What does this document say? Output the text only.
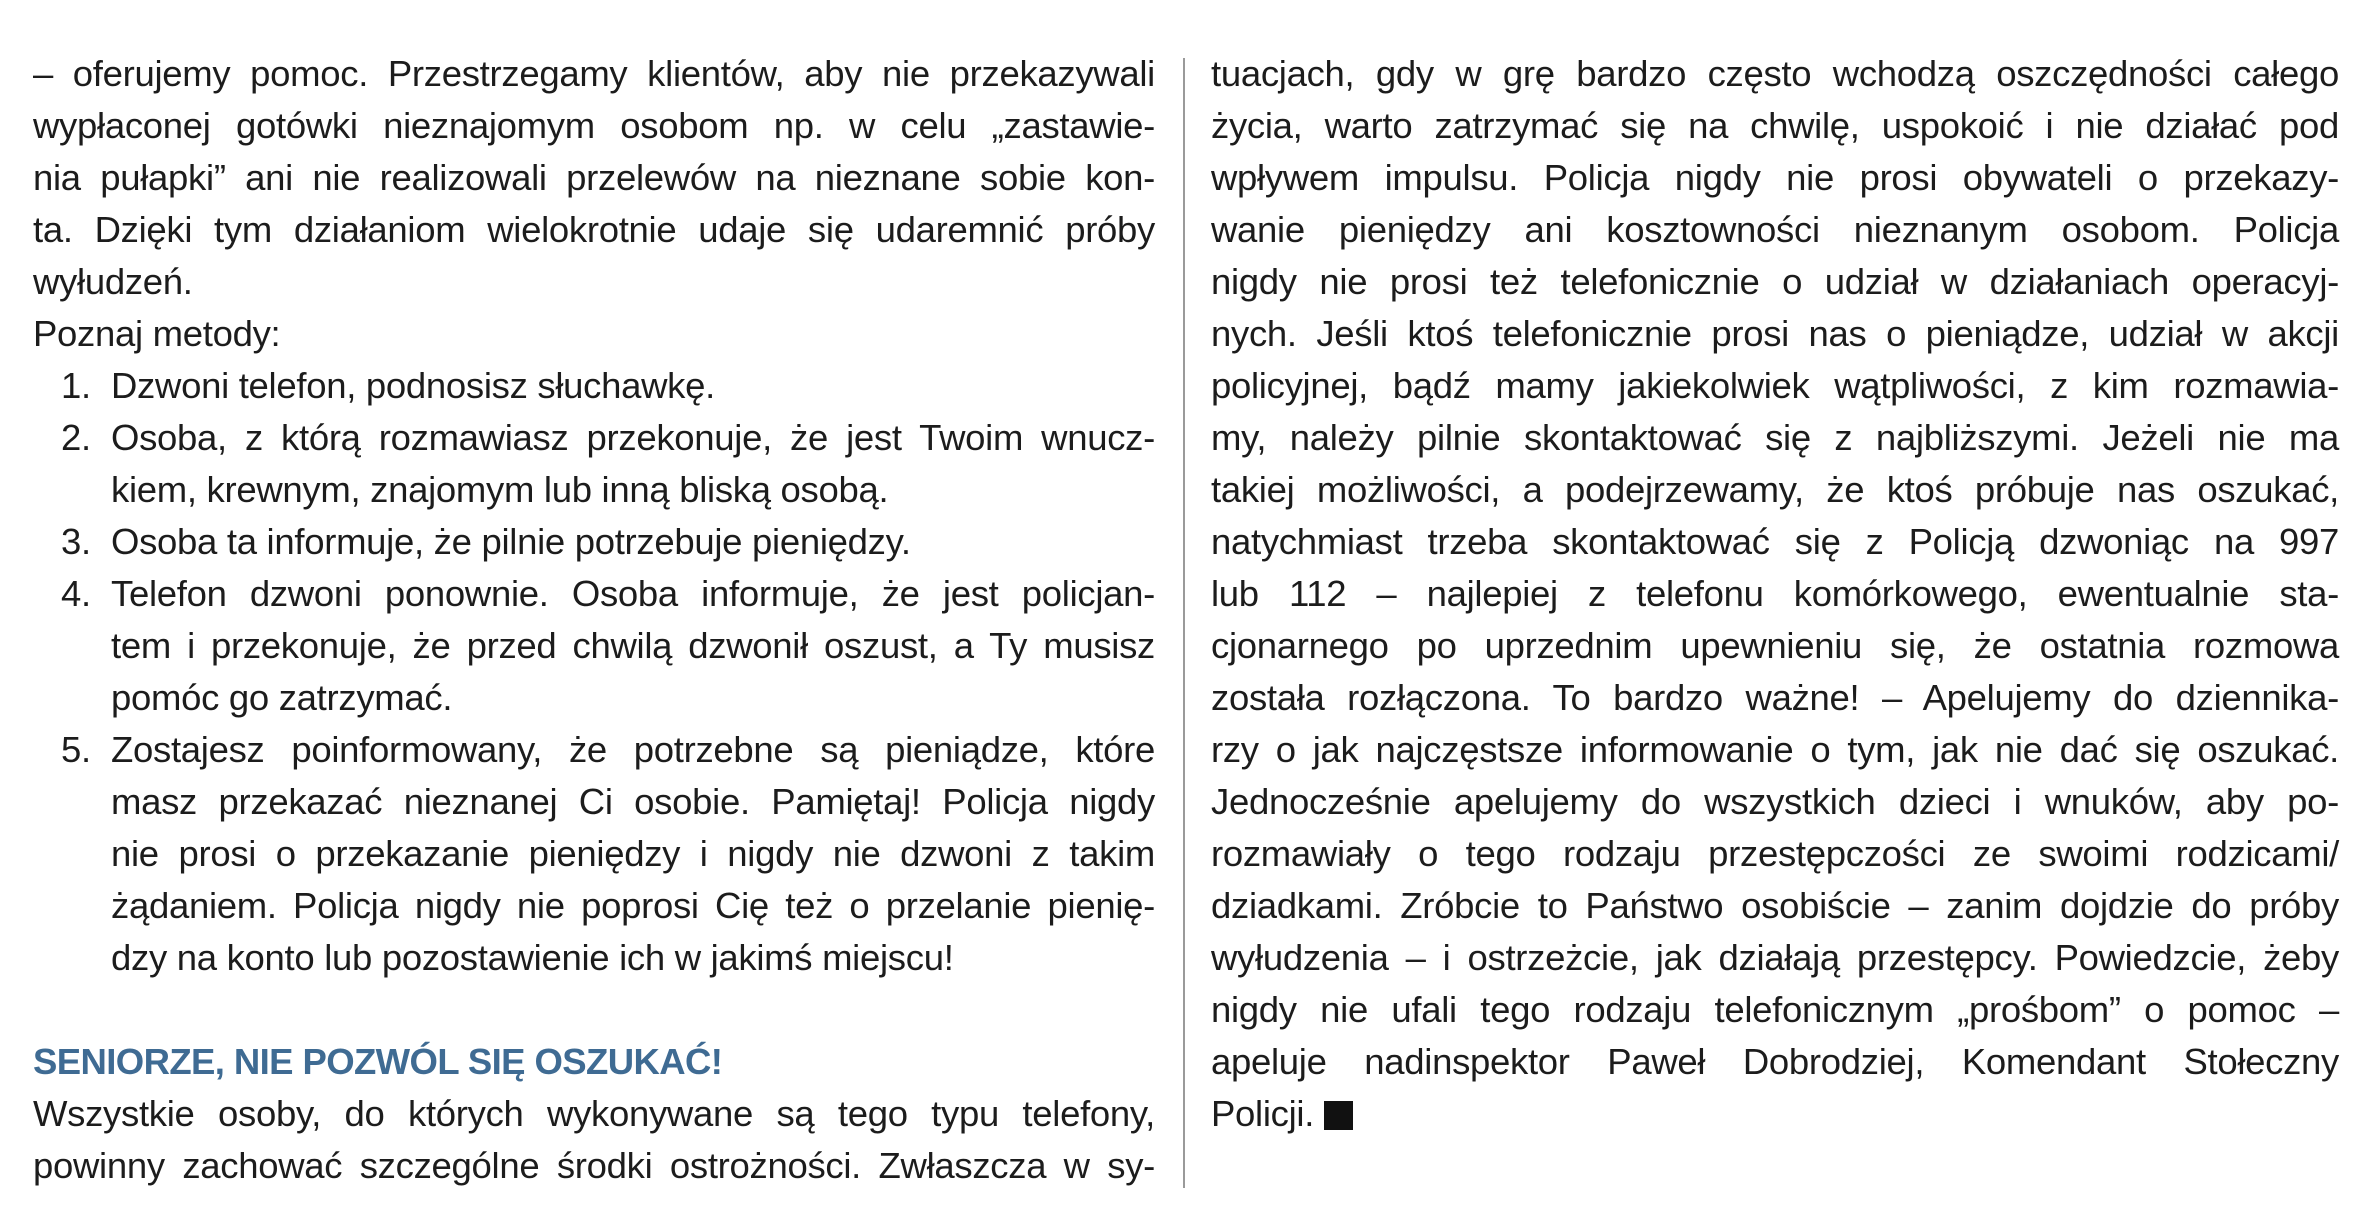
– oferujemy pomoc. Przestrzegamy klientów, aby nie przekazywali
wypłaconej gotówki nieznajomym osobom np. w celu „zastawie-
nia pułapki” ani nie realizowali przelewów na nieznane sobie kon-
ta. Dzięki tym działaniom wielokrotnie udaje się udaremnić próby
wyłudzeń.
Poznaj metody:
1. Dzwoni telefon, podnosisz słuchawkę.
2. Osoba, z którą rozmawiasz przekonuje, że jest Twoim wnucz-
kiem, krewnym, znajomym lub inną bliską osobą.
3. Osoba ta informuje, że pilnie potrzebuje pieniędzy.
4. Telefon dzwoni ponownie. Osoba informuje, że jest policjan-
tem i przekonuje, że przed chwilą dzwonił oszust, a Ty musisz
pomóc go zatrzymać.
5. Zostajesz poinformowany, że potrzebne są pieniądze, które
masz przekazać nieznanej Ci osobie. Pamiętaj! Policja nigdy
nie prosi o przekazanie pieniędzy i nigdy nie dzwoni z takim
żądaniem. Policja nigdy nie poprosi Cię też o przelanie pienię-
dzy na konto lub pozostawienie ich w jakimś miejscu!
SENIORZE, NIE POZWÓL SIĘ OSZUKAĆ!
Wszystkie osoby, do których wykonywane są tego typu telefony,
powinny zachować szczególne środki ostrożności. Zwłaszcza w sy-
tuacjach, gdy w grę bardzo często wchodzą oszczędności całego
życia, warto zatrzymać się na chwilę, uspokoić i nie działać pod
wpływem impulsu. Policja nigdy nie prosi obywateli o przekazy-
wanie pieniędzy ani kosztowności nieznanym osobom. Policja
nigdy nie prosi też telefonicznie o udział w działaniach operacyj-
nych. Jeśli ktoś telefonicznie prosi nas o pieniądze, udział w akcji
policyjnej, bądź mamy jakiekolwiek wątpliwości, z kim rozmawia-
my, należy pilnie skontaktować się z najbliższymi. Jeżeli nie ma
takiej możliwości, a podejrzewamy, że ktoś próbuje nas oszukać,
natychmiast trzeba skontaktować się z Policją dzwoniąc na 997
lub 112 – najlepiej z telefonu komórkowego, ewentualnie sta-
cjonarnego po uprzednim upewnieniu się, że ostatnia rozmowa
została rozłączona. To bardzo ważne! – Apelujemy do dziennika-
rzy o jak najczęstsze informowanie o tym, jak nie dać się oszukać.
Jednocześnie apelujemy do wszystkich dzieci i wnuków, aby po-
rozmawiały o tego rodzaju przestępczości ze swoimi rodzicami/
dziadkami. Zróbcie to Państwo osobiście – zanim dojdzie do próby
wyłudzenia – i ostrzeżcie, jak działają przestępcy. Powiedzcie, żeby
nigdy nie ufali tego rodzaju telefonicznym „prośbom” o pomoc –
apeluje nadinspektor Paweł Dobrodziej, Komendant Stołeczny
Policji.
